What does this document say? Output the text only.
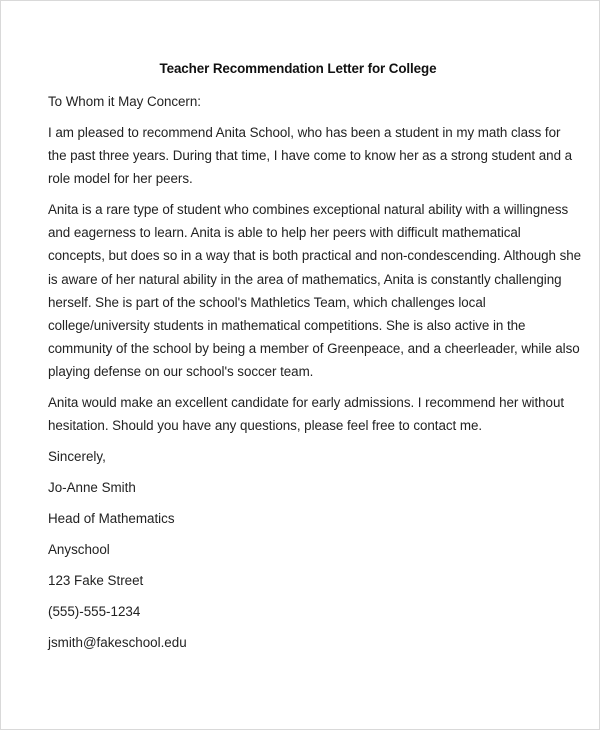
Teacher Recommendation Letter for College
To Whom it May Concern:
I am pleased to recommend Anita School, who has been a student in my math class for
the past three years. During that time, I have come to know her as a strong student and a
role model for her peers.
Anita is a rare type of student who combines exceptional natural ability with a willingness
and eagerness to learn. Anita is able to help her peers with difficult mathematical
concepts, but does so in a way that is both practical and non-condescending. Although she
is aware of her natural ability in the area of mathematics, Anita is constantly challenging
herself. She is part of the school's Mathletics Team, which challenges local
college/university students in mathematical competitions. She is also active in the
community of the school by being a member of Greenpeace, and a cheerleader, while also
playing defense on our school's soccer team.
Anita would make an excellent candidate for early admissions. I recommend her without
hesitation. Should you have any questions, please feel free to contact me.
Sincerely,
Jo-Anne Smith
Head of Mathematics
Anyschool
123 Fake Street
(555)-555-1234
jsmith@fakeschool.edu
